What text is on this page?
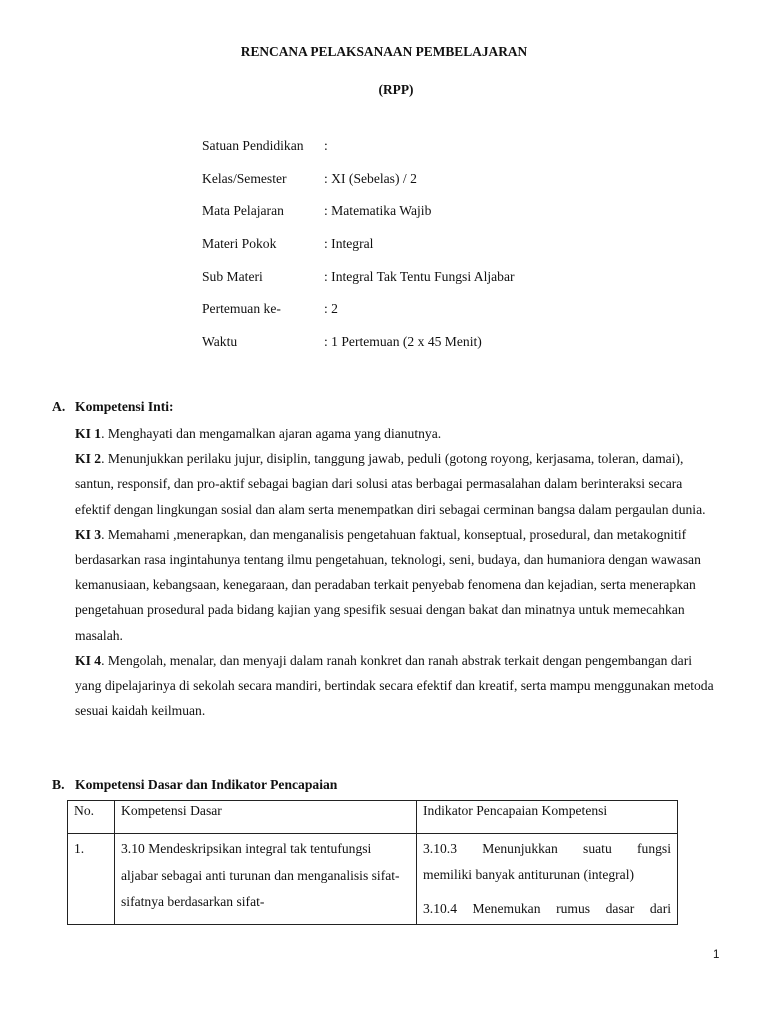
RENCANA PELAKSANAAN PEMBELAJARAN
(RPP)
Satuan Pendidikan	:
Kelas/Semester	: XI (Sebelas) / 2
Mata Pelajaran	: Matematika Wajib
Materi Pokok	: Integral
Sub Materi	: Integral Tak Tentu Fungsi Aljabar
Pertemuan ke-	: 2
Waktu	: 1 Pertemuan (2 x 45 Menit)
A. Kompetensi Inti:

KI 1. Menghayati dan mengamalkan ajaran agama yang dianutnya.

KI 2. Menunjukkan perilaku jujur, disiplin, tanggung jawab, peduli (gotong royong, kerjasama, toleran, damai), santun, responsif, dan pro-aktif sebagai bagian dari solusi atas berbagai permasalahan dalam berinteraksi secara efektif dengan lingkungan sosial dan alam serta menempatkan diri sebagai cerminan bangsa dalam pergaulan dunia.

KI 3. Memahami ,menerapkan, dan menganalisis pengetahuan faktual, konseptual, prosedural, dan metakognitif berdasarkan rasa ingintahunya tentang ilmu pengetahuan, teknologi, seni, budaya, dan humaniora dengan wawasan kemanusiaan, kebangsaan, kenegaraan, dan peradaban terkait penyebab fenomena dan kejadian, serta menerapkan pengetahuan prosedural pada bidang kajian yang spesifik sesuai dengan bakat dan minatnya untuk memecahkan masalah.

KI 4. Mengolah, menalar, dan menyaji dalam ranah konkret dan ranah abstrak terkait dengan pengembangan dari yang dipelajarinya di sekolah secara mandiri, bertindak secara efektif dan kreatif, serta mampu menggunakan metoda sesuai kaidah keilmuan.

B. Kompetensi Dasar dan Indikator Pencapaian
No.	Kompetensi Dasar	Indikator Pencapaian Kompetensi
1.	3.10 Mendeskripsikan integral tak tentufungsi aljabar sebagai anti turunan dan menganalisis sifat-sifatnya berdasarkan sifat-	3.10.3 Menunjukkan suatu fungsi
memiliki banyak antiturunan (integral)
3.10.4 Menemukan rumus dasar dari
1
